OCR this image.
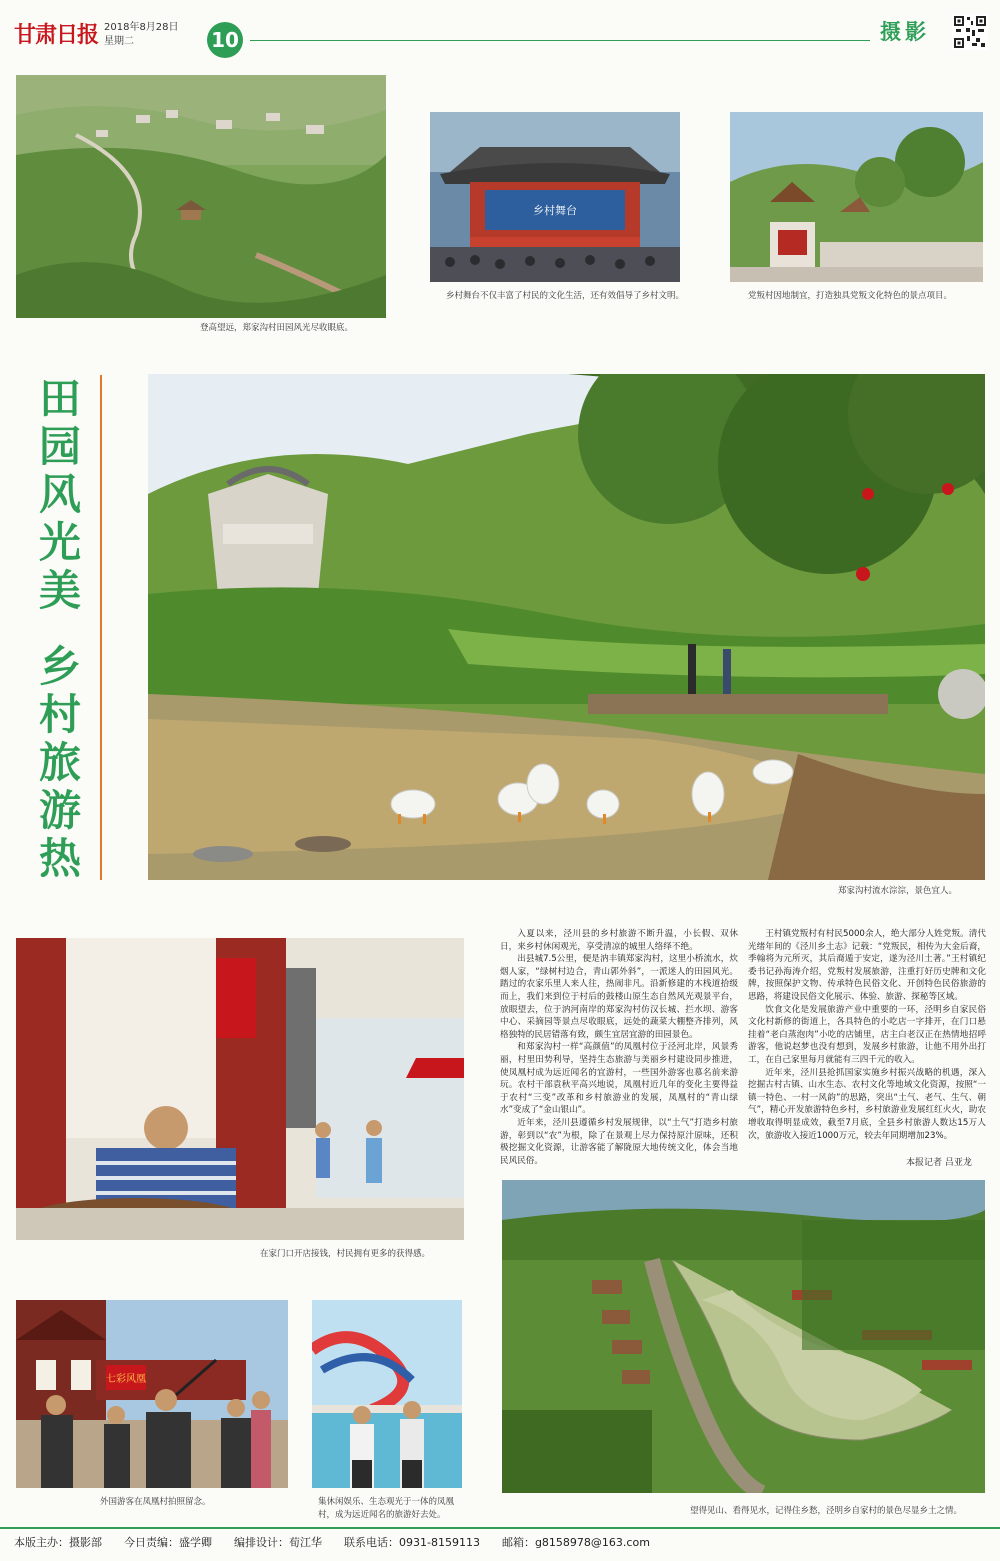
甘肃日报 2018年8月28日
星期二	10	摄影
登高望远，郑家沟村田园风光尽收眼底。
乡村舞台
乡村舞台不仅丰富了村民的文化生活，还有效倡导了乡村文明。	党叛村因地制宜，打造独具党叛文化特色的景点项目。
田园风光美
乡村旅游热
郑家沟村流水淙淙，景色宜人。
在家门口开店接钱，村民拥有更多的获得感。

入夏以来，泾川县的乡村旅游不断升温，小长假、双休日，来乡村休闲观光，享受清凉的城里人络绎不绝。

出县城7.5公里，便是汭丰镇郑家沟村，这里小桥流水，炊烟人家，“绿树村边合，青山郭外斜”，一派迷人的田园风光。踏过的农家乐里人来人往，热闹非凡。沿新修建的木栈道拾级而上，我们来到位于村后的鼓楼山原生态自然风光观景平台，放眼望去，位于汭河南岸的郑家沟村仿汉长城、拦水坝、游客中心、采摘园等景点尽收眼底，远处的蔬菜大棚整齐排列，风格独特的民居错落有致，颇生宜居宜游的田园景色。

和郑家沟村一样“高颜值”的凤凰村位于泾河北岸，风景秀丽，村里田势利导，坚持生态旅游与美丽乡村建设同步推进，使凤凰村成为远近闻名的宜游村，一些国外游客也慕名前来游玩。农村干部袁秋平高兴地说，凤凰村近几年的变化主要得益于农村“三变”改革和乡村旅游业的发展，凤凰村的“青山绿水”变成了“金山银山”。

近年来，泾川县遵循乡村发展规律，以“土气”打造乡村旅游，彰到以“农”为根，除了在景观上尽力保持原汁原味，还积极挖掘文化资源，让游客能了解陇原大地传统文化，体会当地民风民俗。

王村镇党叛村有村民5000余人，绝大部分人姓党叛。清代光绪年间的《泾川乡土志》记载：“党叛民，相传为大金后裔，季翰将为元所灭，其后裔遁于安定，遂为泾川土著。”王村镇纪委书记孙海涛介绍，党叛村发展旅游，注重打好历史牌和文化牌，按照保护文物、传承特色民俗文化、开创特色民俗旅游的思路，将建设民俗文化展示、体验、旅游、探秘等区域。

饮食文化是发展旅游产业中重要的一环，泾明乡自家民俗文化村新修的街道上，各具特色的小吃店一字排开，在门口悬挂着“老白蒸泡肉”小吃的店铺里，店主白老汉正在热情地招呼游客，他说赵梦也没有想到，发展乡村旅游，让他不用外出打工，在自己家里每月就能有三四千元的收入。

近年来，泾川县抢抓国家实施乡村振兴战略的机遇，深入挖掘古村古镇、山水生态、农村文化等地域文化资源，按照“一镇一特色、一村一风韵”的思路，突出“土气、老气、生气、朝气”，精心开发旅游特色乡村，乡村旅游业发展红红火火，助农增收取得明显成效，截至7月底，全县乡村旅游人数达15万人次，旅游收入接近1000万元，较去年同期增加23%。

本报记者 吕亚龙
望得见山、看得见水，记得住乡愁，泾明乡自家村的景色尽显乡土之情。
七彩风凰
外国游客在凤凰村拍照留念。	集休闲娱乐、生态观光于一体的凤凰村，成为远近闻名的旅游好去处。
本版主办：摄影部 今日责编：盛学卿 编排设计：荀江华 联系电话：0931-8159113 邮箱：g8158978@163.com
